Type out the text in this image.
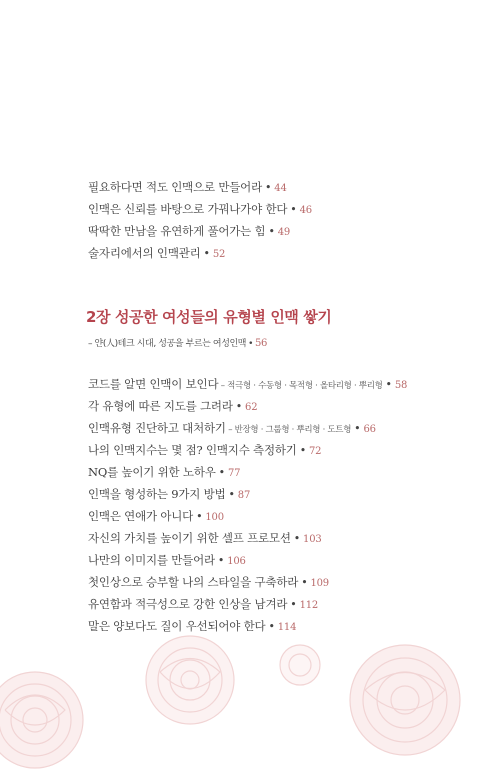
필요하다면 적도 인맥으로 만들어라 • 44
인맥은 신뢰를 바탕으로 가꿔나가야 한다 • 46
딱딱한 만남을 유연하게 풀어가는 힘 • 49
술자리에서의 인맥관리 • 52
2장 성공한 여성들의 유형별 인맥 쌓기
– 얀(人)테크 시대, 성공을 부르는 여성인맥 • 56
코드를 알면 인맥이 보인다 – 적극형 · 수동형 · 목적형 · 올타리형 · 뿌리형 • 58
각 유형에 따른 지도를 그려라 • 62
인맥유형 진단하고 대처하기 – 반장형 · 그룹형 · 뿌리형 · 도트형 • 66
나의 인맥지수는 몇 점? 인맥지수 측정하기 • 72
NQ를 높이기 위한 노하우 • 77
인맥을 형성하는 9가지 방법 • 87
인맥은 연애가 아니다 • 100
자신의 가치를 높이기 위한 셀프 프로모션 • 103
나만의 이미지를 만들어라 • 106
첫인상으로 승부할 나의 스타일을 구축하라 • 109
유연함과 적극성으로 강한 인상을 남겨라 • 112
말은 양보다도 질이 우선되어야 한다 • 114
